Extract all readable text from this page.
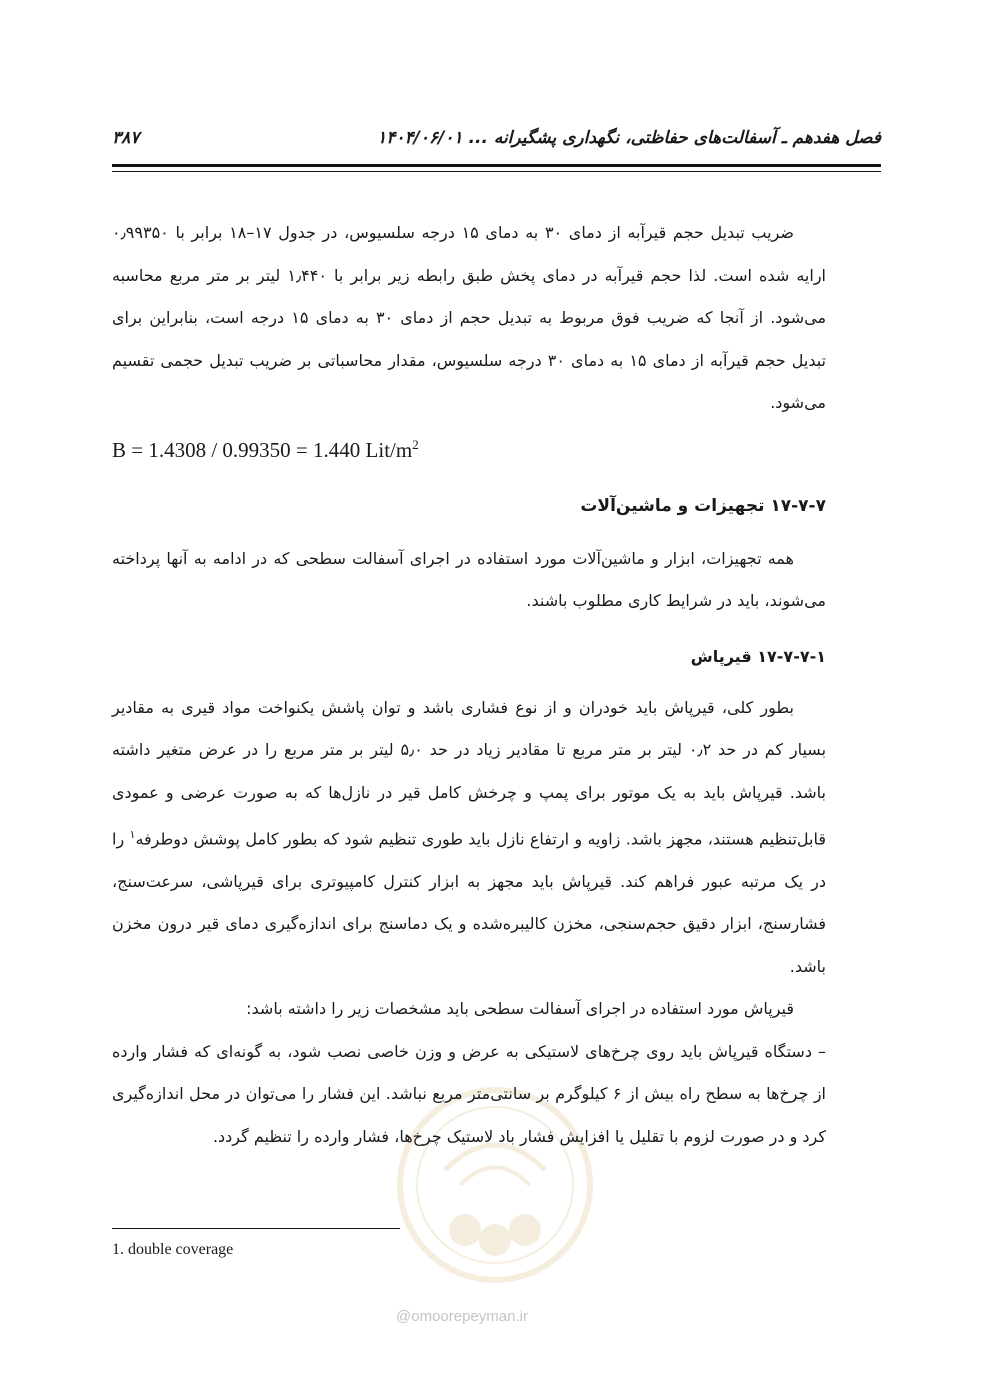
فصل هفدهم ـ آسفالت‌های حفاظتی، نگهداری پشگیرانه ... ۱۴۰۴/۰۶/۰۱
۳۸۷
@omoorepeyman.ir

ضریب تبدیل حجم قیرآبه از دمای ۳۰ به دمای ۱۵ درجه سلسیوس، در جدول ۱۷–۱۸ برابر با ۰٫۹۹۳۵۰ ارایه شده است. لذا حجم قیرآبه در دمای پخش طبق رابطه زیر برابر با ۱٫۴۴۰ لیتر بر متر مربع محاسبه می‌شود. از آنجا که ضریب فوق مربوط به تبدیل حجم از دمای ۳۰ به دمای ۱۵ درجه است، بنابراین برای تبدیل حجم قیرآبه از دمای ۱۵ به دمای ۳۰ درجه سلسیوس، مقدار محاسباتی بر ضریب تبدیل حجمی تقسیم می‌شود.

B = 1.4308 / 0.99350 = 1.440 Lit/$m^2$
۱۷-۷-۷ تجهیزات و ماشین‌آلات

همه تجهیزات، ابزار و ماشین‌آلات مورد استفاده در اجرای آسفالت سطحی که در ادامه به آنها پرداخته می‌شوند، باید در شرایط کاری مطلوب باشند.

۱۷-۷-۷-۱ قیرپاش

بطور کلی، قیرپاش باید خودران و از نوع فشاری باشد و توان پاشش یکنواخت مواد قیری به مقادیر بسیار کم در حد ۰٫۲ لیتر بر متر مربع تا مقادیر زیاد در حد ۵٫۰ لیتر بر متر مربع را در عرض متغیر داشته باشد. قیرپاش باید به یک موتور برای پمپ و چرخش کامل قیر در نازل‌ها که به صورت عرضی و عمودی قابل‌تنظیم هستند، مجهز باشد. زاویه و ارتفاع نازل باید طوری تنظیم شود که بطور کامل پوشش دوطرفه$^۱$ را در یک مرتبه عبور فراهم کند. قیرپاش باید مجهز به ابزار کنترل کامپیوتری برای قیرپاشی، سرعت‌سنج، فشارسنج، ابزار دقیق حجم‌سنجی، مخزن کالیبره‌شده و یک دماسنج برای اندازه‌گیری دمای قیر درون مخزن باشد.

قیرپاش مورد استفاده در اجرای آسفالت سطحی باید مشخصات زیر را داشته باشد:

– دستگاه قیرپاش باید روی چرخ‌های لاستیکی به عرض و وزن خاصی نصب شود، به گونه‌ای که فشار وارده از چرخ‌ها به سطح راه بیش از ۶ کیلوگرم بر سانتی‌متر مربع نباشد. این فشار را می‌توان در محل اندازه‌گیری کرد و در صورت لزوم با تقلیل یا افزایش فشار باد لاستیک چرخ‌ها، فشار وارده را تنظیم گردد.

1. double coverage
